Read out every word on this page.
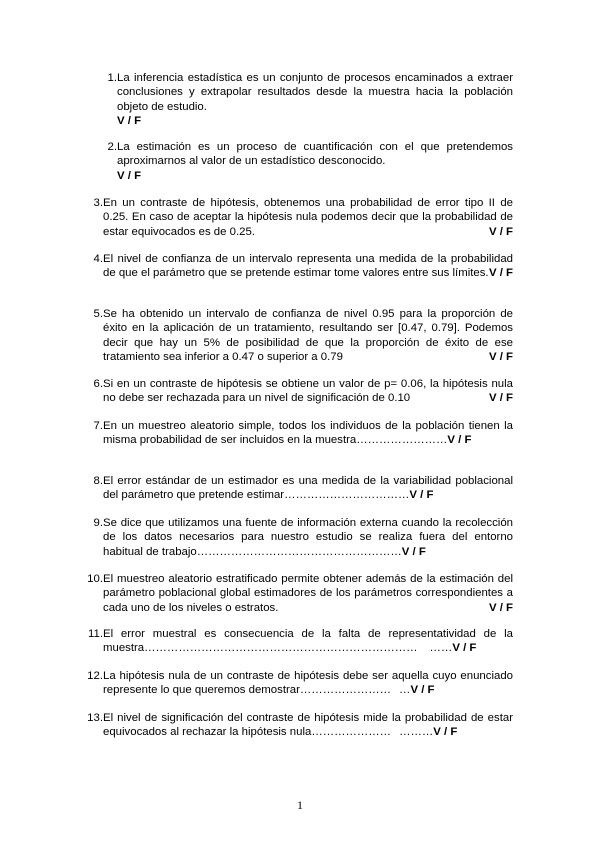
1. La inferencia estadística es un conjunto de procesos encaminados a extraer conclusiones y extrapolar resultados desde la muestra hacia la población objeto de estudio.
V / F
2. La estimación es un proceso de cuantificación con el que pretendemos aproximarnos al valor de un estadístico desconocido.
V / F
3. En un contraste de hipótesis, obtenemos una probabilidad de error tipo II de 0.25. En caso de aceptar la hipótesis nula podemos decir que la probabilidad de estar equivocados es de 0.25.	V / F
4. El nivel de confianza de un intervalo representa una medida de la probabilidad de que el parámetro que se pretende estimar tome valores entre sus límites. V / F
5. Se ha obtenido un intervalo de confianza de nivel 0.95 para la proporción de éxito en la aplicación de un tratamiento, resultando ser [0.47, 0.79]. Podemos decir que hay un 5% de posibilidad de que la proporción de éxito de ese tratamiento sea inferior a 0.47 o superior a 0.79	V / F
6. Si en un contraste de hipótesis se obtiene un valor de p= 0.06, la hipótesis nula no debe ser rechazada para un nivel de significación de 0.10	V / F
7. En un muestreo aleatorio simple, todos los individuos de la población tienen la misma probabilidad de ser incluidos en la muestra……………………V / F
8. El error estándar de un estimador es una medida de la variabilidad poblacional del parámetro que pretende estimar……………………………V / F
9. Se dice que utilizamos una fuente de información externa cuando la recolección de los datos necesarios para nuestro estudio se realiza fuera del entorno habitual de trabajo………………………………………………V / F
10. El muestreo aleatorio estratificado permite obtener además de la estimación del parámetro poblacional global estimadores de los parámetros correspondientes a cada uno de los niveles o estratos.	V / F
11. El error muestral es consecuencia de la falta de representatividad de la muestra……………………………………………………………… ……V / F
12. La hipótesis nula de un contraste de hipótesis debe ser aquella cuyo enunciado represente lo que queremos demostrar…………………… …V / F
13. El nivel de significación del contraste de hipótesis mide la probabilidad de estar equivocados al rechazar la hipótesis nula………………… ………V / F
1
